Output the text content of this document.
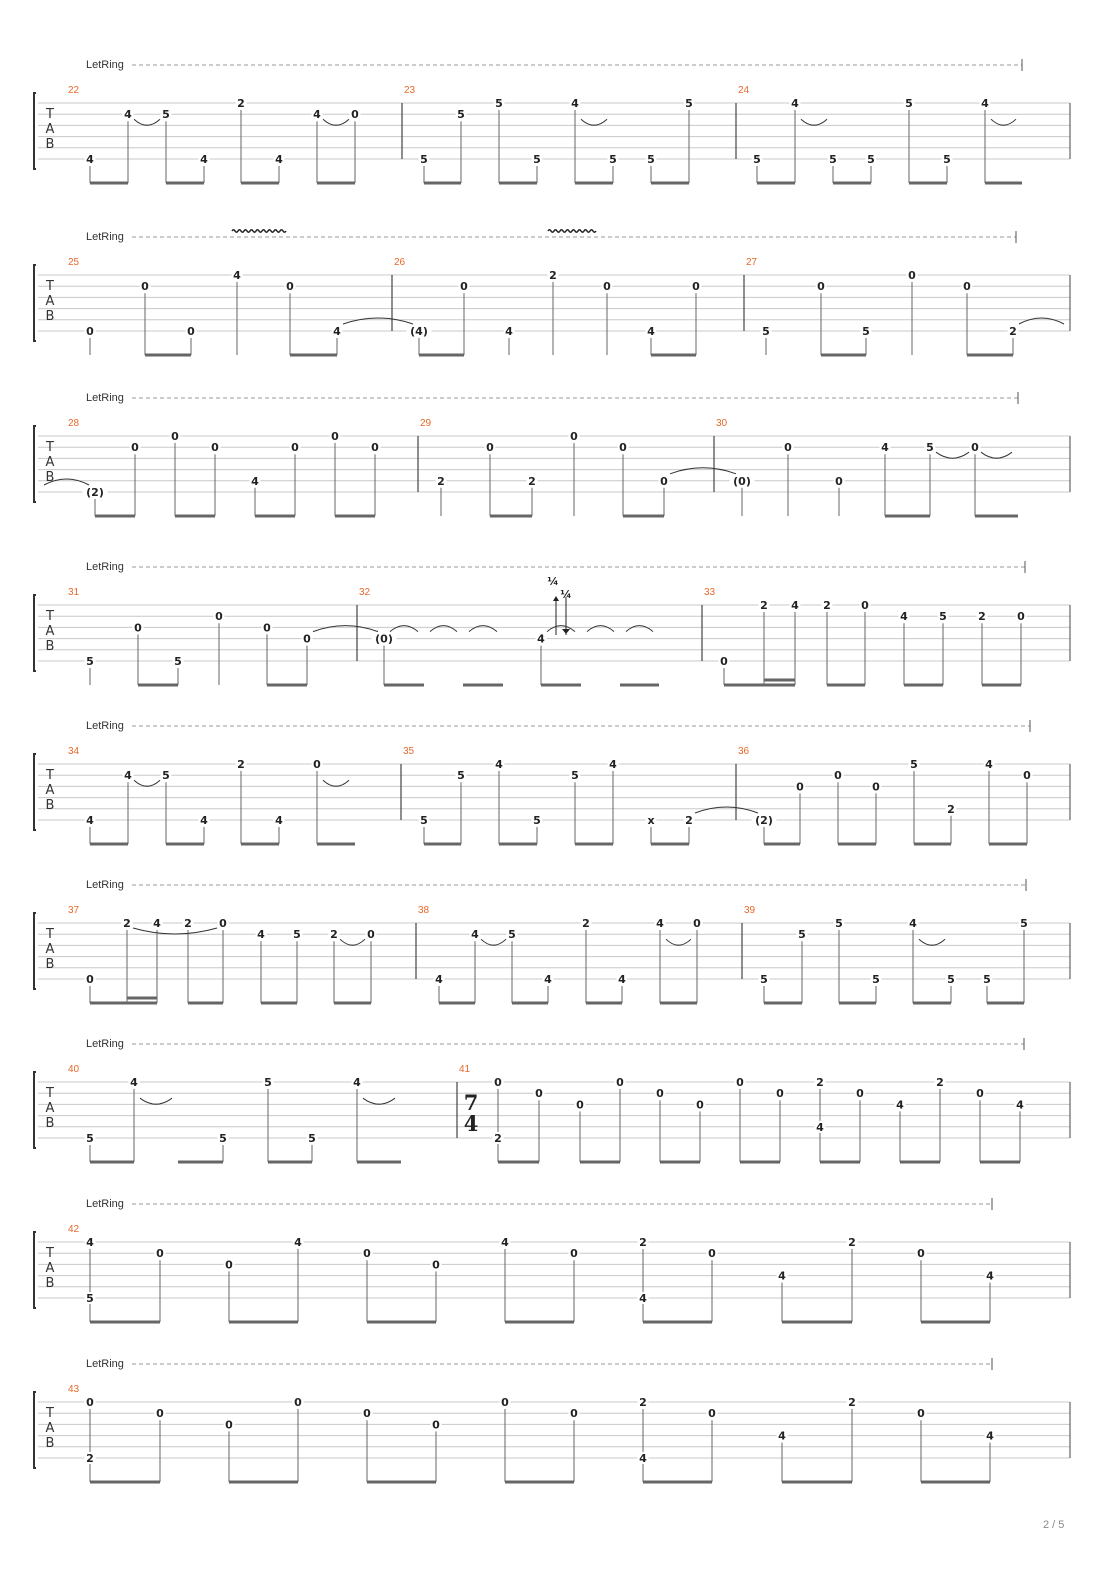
LetRing
T
A
B
22	23	24
4
4	5
4
2
4
4	0
5
5
5
5
4
5	5
5
5
4
5	5
5
5
4
LetRing
T
A
B
25	26	27
0
0
0
4
0
4	(4)
0
4
2
0
4
0
5
0
5
0
0
2
LetRing
T
A
B
28	29	30
(2)
0
0
0
4
0
0
0
2
0
2
0
0
0	(0)
0
0
4	5	0
LetRing
T
A
B
31	32	33
¼
¼
5
0
5
0
0
0	(0)	4
0
2 4 2	0
4	5	2	0
LetRing
T
A
B
34	35	36
4
4	5
4
2
4
0
5
5
4
5
5
4
x	2	(2)
0
0
0
5
2
4
0
LetRing
T
A
B
37	38	39
0
2 4 2 0
4	5	2	0
4
4	5
4
2
4
4	0
5
5
5
5
4
5	5
5
LetRing
T
A
B
40	41
7
4
5
4
5
5
5
4	0
2
0
0
0
0
0
0
0
4
2
0
4
2
0
4
LetRing
T
A
B
42
4
5
0
0
4
0
0
4
0
2
4
0
4
2
0
4
LetRing
T
A
B
43
0
2
0
0
0
0
0
0
0
2
4
0
4
2
0
4
2 / 5
